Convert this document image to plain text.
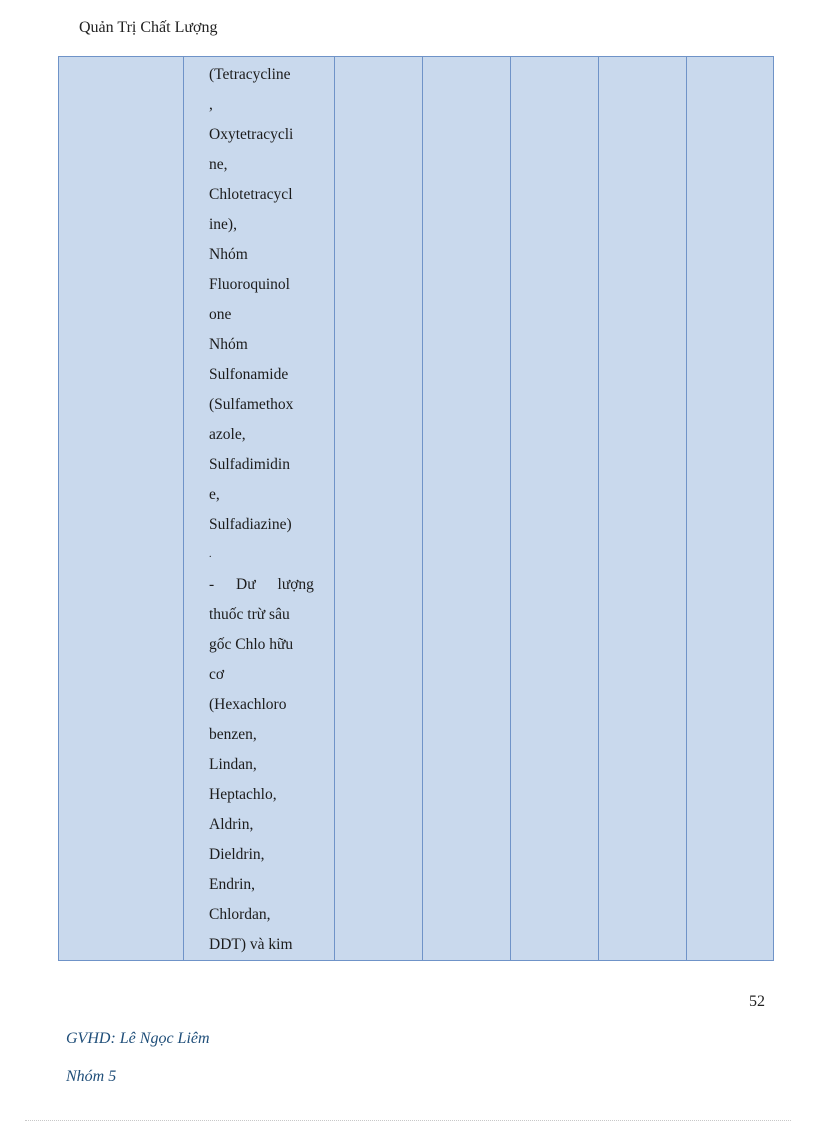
Quản Trị Chất Lượng

(Tetracycline
,
Oxytetracycli
ne,
Chlotetracycl
ine),
Nhóm
Fluoroquinol
one
Nhóm
Sulfonamide
(Sulfamethox
azole,
Sulfadimidin
e,
Sulfadiazine)
.
- Dư lượng
thuốc trừ sâu
gốc Chlo hữu
cơ
(Hexachloro
benzen,
Lindan,
Heptachlo,
Aldrin,
Dieldrin,
Endrin,
Chlordan,
DDT) và kim

52
GVHD: Lê Ngọc Liêm
Nhóm 5
